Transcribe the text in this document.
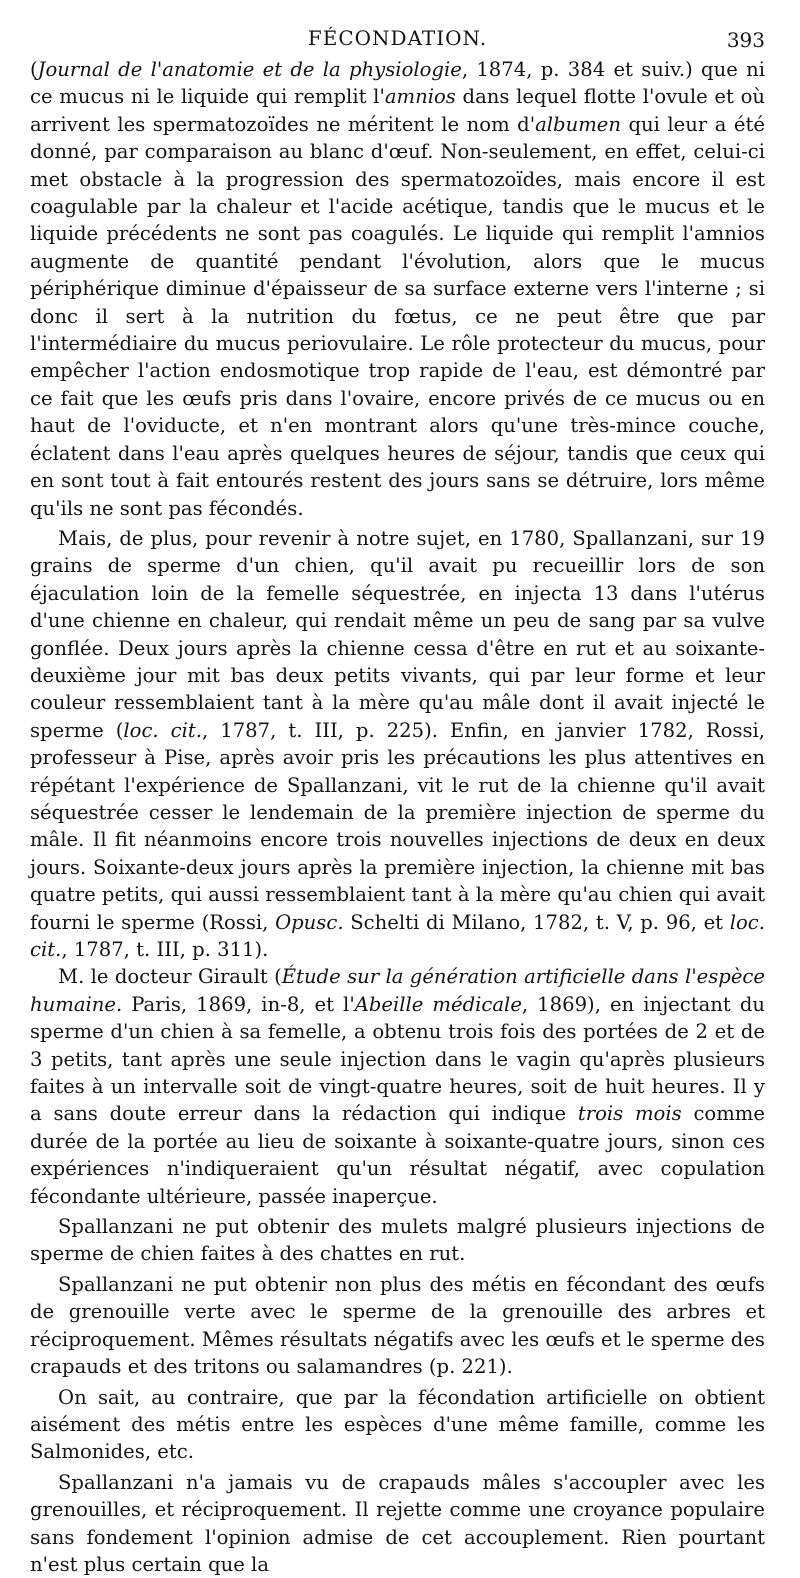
FÉCONDATION.	393

(Journal de l'anatomie et de la physiologie, 1874, p. 384 et suiv.) que ni ce mucus ni le liquide qui remplit l'amnios dans lequel flotte l'ovule et où arrivent les spermatozoïdes ne méritent le nom d'albumen qui leur a été donné, par comparaison au blanc d'œuf. Non-seulement, en effet, celui-ci met obstacle à la progression des spermatozoïdes, mais encore il est coagulable par la chaleur et l'acide acétique, tandis que le mucus et le liquide précédents ne sont pas coagulés. Le liquide qui remplit l'amnios augmente de quantité pendant l'évolution, alors que le mucus périphérique diminue d'épaisseur de sa surface externe vers l'interne ; si donc il sert à la nutrition du fœtus, ce ne peut être que par l'intermédiaire du mucus periovulaire. Le rôle protecteur du mucus, pour empêcher l'action endosmotique trop rapide de l'eau, est démontré par ce fait que les œufs pris dans l'ovaire, encore privés de ce mucus ou en haut de l'oviducte, et n'en montrant alors qu'une très-mince couche, éclatent dans l'eau après quelques heures de séjour, tandis que ceux qui en sont tout à fait entourés restent des jours sans se détruire, lors même qu'ils ne sont pas fécondés.

Mais, de plus, pour revenir à notre sujet, en 1780, Spallanzani, sur 19 grains de sperme d'un chien, qu'il avait pu recueillir lors de son éjaculation loin de la femelle séquestrée, en injecta 13 dans l'utérus d'une chienne en chaleur, qui rendait même un peu de sang par sa vulve gonflée. Deux jours après la chienne cessa d'être en rut et au soixante-deuxième jour mit bas deux petits vivants, qui par leur forme et leur couleur ressemblaient tant à la mère qu'au mâle dont il avait injecté le sperme (loc. cit., 1787, t. III, p. 225). Enfin, en janvier 1782, Rossi, professeur à Pise, après avoir pris les précautions les plus attentives en répétant l'expérience de Spallanzani, vit le rut de la chienne qu'il avait séquestrée cesser le lendemain de la première injection de sperme du mâle. Il fit néanmoins encore trois nouvelles injections de deux en deux jours. Soixante-deux jours après la première injection, la chienne mit bas quatre petits, qui aussi ressemblaient tant à la mère qu'au chien qui avait fourni le sperme (Rossi, Opusc. Schelti di Milano, 1782, t. V, p. 96, et loc. cit., 1787, t. III, p. 311).

M. le docteur Girault (Étude sur la génération artificielle dans l'espèce humaine. Paris, 1869, in-8, et l'Abeille médicale, 1869), en injectant du sperme d'un chien à sa femelle, a obtenu trois fois des portées de 2 et de 3 petits, tant après une seule injection dans le vagin qu'après plusieurs faites à un intervalle soit de vingt-quatre heures, soit de huit heures. Il y a sans doute erreur dans la rédaction qui indique trois mois comme durée de la portée au lieu de soixante à soixante-quatre jours, sinon ces expériences n'indiqueraient qu'un résultat négatif, avec copulation fécondante ultérieure, passée inaperçue.

Spallanzani ne put obtenir des mulets malgré plusieurs injections de sperme de chien faites à des chattes en rut.

Spallanzani ne put obtenir non plus des métis en fécondant des œufs de grenouille verte avec le sperme de la grenouille des arbres et réciproquement. Mêmes résultats négatifs avec les œufs et le sperme des crapauds et des tritons ou salamandres (p. 221).

On sait, au contraire, que par la fécondation artificielle on obtient aisément des métis entre les espèces d'une même famille, comme les Salmonides, etc.

Spallanzani n'a jamais vu de crapauds mâles s'accoupler avec les grenouilles, et réciproquement. Il rejette comme une croyance populaire sans fondement l'opinion admise de cet accouplement. Rien pourtant n'est plus certain que la
